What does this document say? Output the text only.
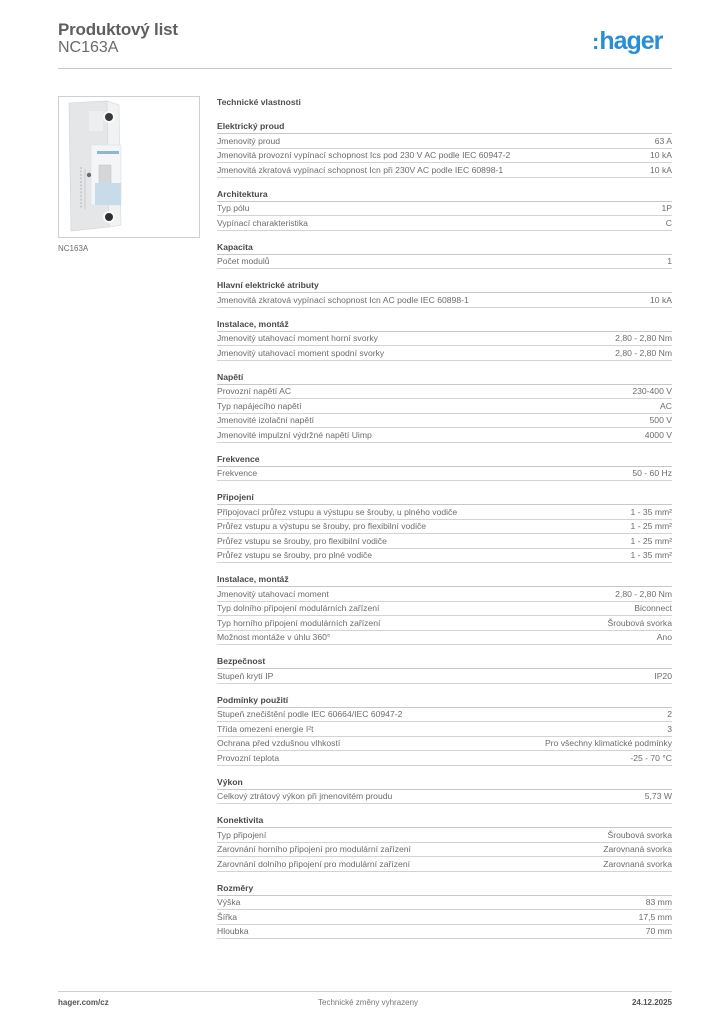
Produktový list
NC163A	:hager
NC163A
Technické vlastnosti
Elektrický proud
Jmenovitý proud	63 A
Jmenovitá provozní vypínací schopnost Ics pod 230 V AC podle IEC 60947-2	10 kA
Jmenovitá zkratová vypínací schopnost Icn při 230V AC podle IEC 60898-1	10 kA
Architektura
Typ pólu	1P
Vypínací charakteristika	C
Kapacita
Počet modulů	1
Hlavní elektrické atributy
Jmenovitá zkratová vypínací schopnost Icn AC podle IEC 60898-1	10 kA
Instalace, montáž
Jmenovitý utahovací moment horní svorky	2,80 - 2,80 Nm
Jmenovitý utahovací moment spodní svorky	2,80 - 2,80 Nm
Napětí
Provozní napětí AC	230-400 V
Typ napájecího napětí	AC
Jmenovité izolační napětí	500 V
Jmenovité impulzní výdržné napětí Uimp	4000 V
Frekvence
Frekvence	50 - 60 Hz
Připojení
Připojovací průřez vstupu a výstupu se šrouby, u plného vodiče	1 - 35 mm²
Průřez vstupu a výstupu se šrouby, pro flexibilní vodiče	1 - 25 mm²
Průřez vstupu se šrouby, pro flexibilní vodiče	1 - 25 mm²
Průřez vstupu se šrouby, pro plné vodiče	1 - 35 mm²
Instalace, montáž
Jmenovitý utahovací moment	2,80 - 2,80 Nm
Typ dolního připojení modulárních zařízení	Biconnect
Typ horního připojení modulárních zařízení	Šroubová svorka
Možnost montáže v úhlu 360°	Ano
Bezpečnost
Stupeň krytí IP	IP20
Podmínky použití
Stupeň znečištění podle IEC 60664/IEC 60947-2	2
Třída omezení energie I²t	3
Ochrana před vzdušnou vlhkostí	Pro všechny klimatické podmínky
Provozní teplota	-25 - 70 °C
Výkon
Celkový ztrátový výkon při jmenovitém proudu	5,73 W
Konektivita
Typ připojení	Šroubová svorka
Zarovnání horního připojení pro modulární zařízení	Zarovnaná svorka
Zarovnání dolního připojení pro modulární zařízení	Zarovnaná svorka
Rozměry
Výška	83 mm
Šířka	17,5 mm
Hloubka	70 mm
hager.com/cz	Technické změny vyhrazeny	24.12.2025
